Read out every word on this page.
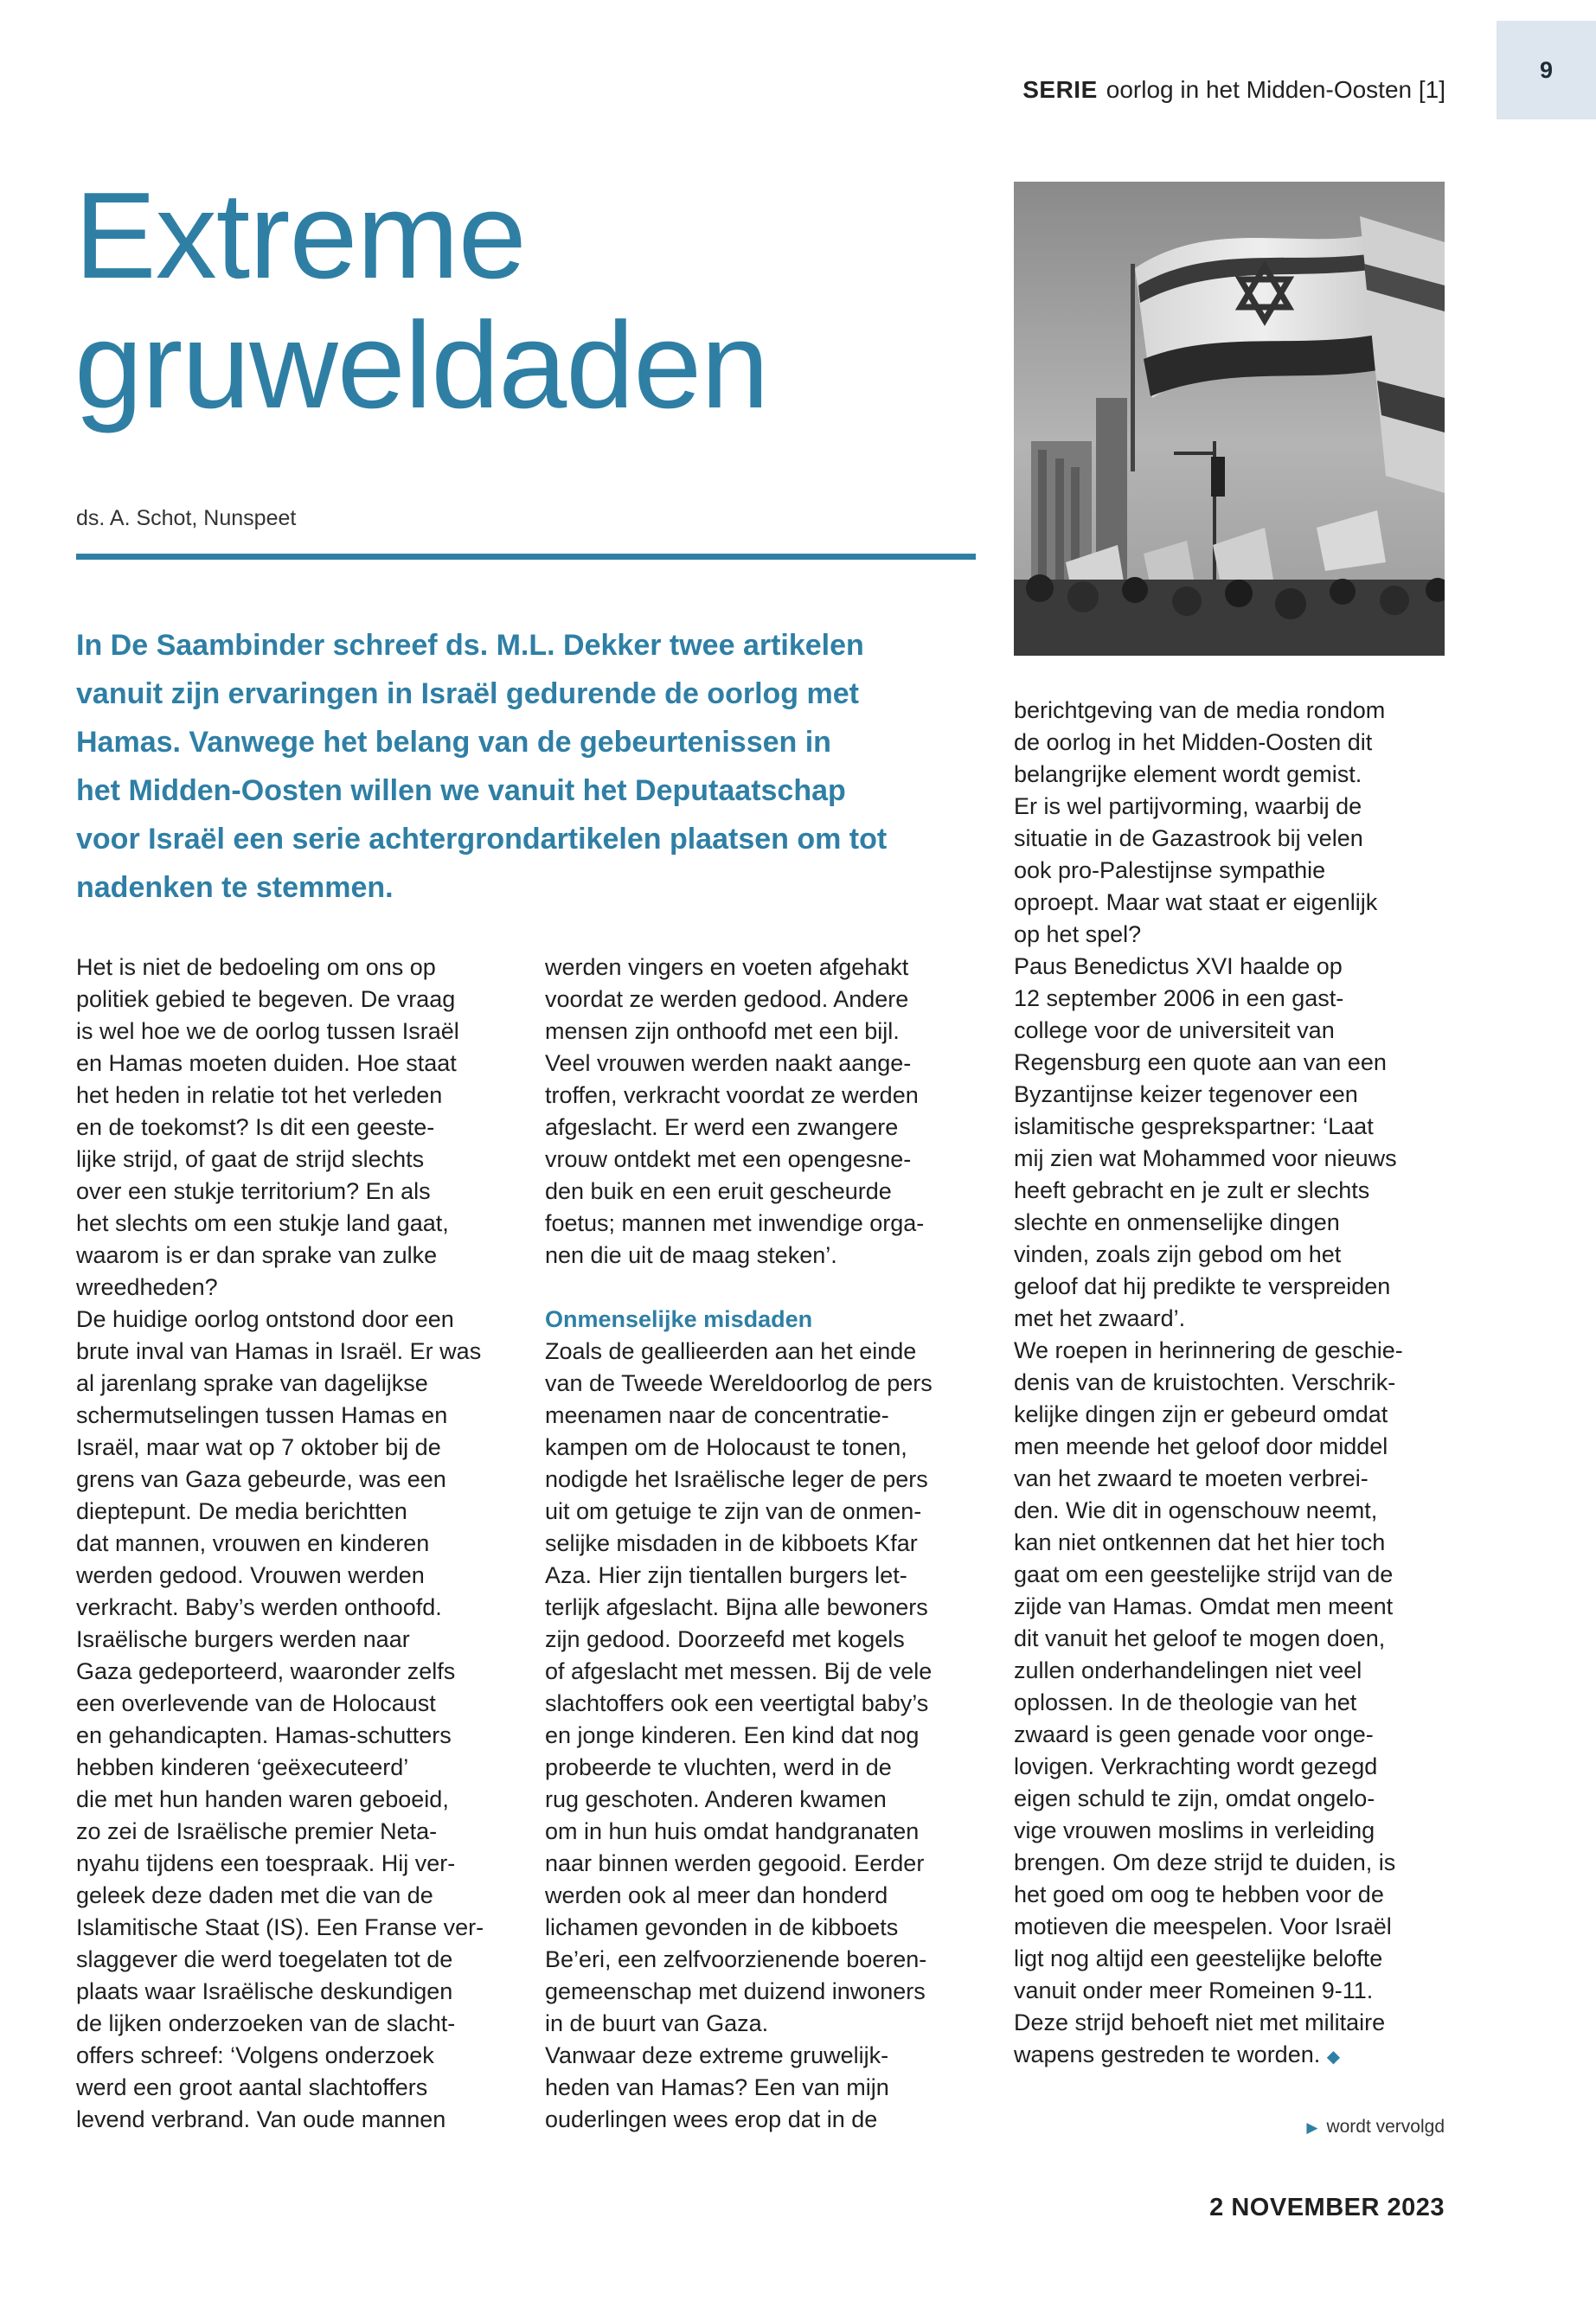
9
SERIE oorlog in het Midden-Oosten [1]
Extreme
gruweldaden
ds. A. Schot, Nunspeet

In De Saambinder schreef ds. M.L. Dekker twee artikelen
vanuit zijn ervaringen in Israël gedurende de oorlog met
Hamas. Vanwege het belang van de gebeurtenissen in
het Midden-Oosten willen we vanuit het Deputaatschap
voor Israël een serie achtergrondartikelen plaatsen om tot
nadenken te stemmen.

Het is niet de bedoeling om ons op
politiek gebied te begeven. De vraag
is wel hoe we de oorlog tussen Israël
en Hamas moeten duiden. Hoe staat
het heden in relatie tot het verleden
en de toekomst? Is dit een geeste-
lijke strijd, of gaat de strijd slechts
over een stukje territorium? En als
het slechts om een stukje land gaat,
waarom is er dan sprake van zulke
wreedheden?
De huidige oorlog ontstond door een
brute inval van Hamas in Israël. Er was
al jarenlang sprake van dagelijkse
schermutselingen tussen Hamas en
Israël, maar wat op 7 oktober bij de
grens van Gaza gebeurde, was een
dieptepunt. De media berichtten
dat mannen, vrouwen en kinderen
werden gedood. Vrouwen werden
verkracht. Baby’s werden onthoofd.
Israëlische burgers werden naar
Gaza gedeporteerd, waaronder zelfs
een overlevende van de Holocaust
en gehandicapten. Hamas-schutters
hebben kinderen ‘geëxecuteerd’
die met hun handen waren geboeid,
zo zei de Israëlische premier Neta-
nyahu tijdens een toespraak. Hij ver-
geleek deze daden met die van de
Islamitische Staat (IS). Een Franse ver-
slaggever die werd toegelaten tot de
plaats waar Israëlische deskundigen
de lijken onderzoeken van de slacht-
offers schreef: ‘Volgens onderzoek
werd een groot aantal slachtoffers
levend verbrand. Van oude mannen

werden vingers en voeten afgehakt
voordat ze werden gedood. Andere
mensen zijn onthoofd met een bijl.
Veel vrouwen werden naakt aange-
troffen, verkracht voordat ze werden
afgeslacht. Er werd een zwangere
vrouw ontdekt met een opengesne-
den buik en een eruit gescheurde
foetus; mannen met inwendige orga-
nen die uit de maag steken’.

Onmenselijke misdaden

Zoals de geallieerden aan het einde
van de Tweede Wereldoorlog de pers
meenamen naar de concentratie-
kampen om de Holocaust te tonen,
nodigde het Israëlische leger de pers
uit om getuige te zijn van de onmen-
selijke misdaden in de kibboets Kfar
Aza. Hier zijn tientallen burgers let-
terlijk afgeslacht. Bijna alle bewoners
zijn gedood. Doorzeefd met kogels
of afgeslacht met messen. Bij de vele
slachtoffers ook een veertigtal baby’s
en jonge kinderen. Een kind dat nog
probeerde te vluchten, werd in de
rug geschoten. Anderen kwamen
om in hun huis omdat handgranaten
naar binnen werden gegooid. Eerder
werden ook al meer dan honderd
lichamen gevonden in de kibboets
Be’eri, een zelfvoorzienende boeren-
gemeenschap met duizend inwoners
in de buurt van Gaza.
Vanwaar deze extreme gruwelijk-
heden van Hamas? Een van mijn
ouderlingen wees erop dat in de

berichtgeving van de media rondom
de oorlog in het Midden-Oosten dit
belangrijke element wordt gemist.
Er is wel partijvorming, waarbij de
situatie in de Gazastrook bij velen
ook pro-Palestijnse sympathie
oproept. Maar wat staat er eigenlijk
op het spel?
Paus Benedictus XVI haalde op
12 september 2006 in een gast-
college voor de universiteit van
Regensburg een quote aan van een
Byzantijnse keizer tegenover een
islamitische gesprekspartner: ‘Laat
mij zien wat Mohammed voor nieuws
heeft gebracht en je zult er slechts
slechte en onmenselijke dingen
vinden, zoals zijn gebod om het
geloof dat hij predikte te verspreiden
met het zwaard’.
We roepen in herinnering de geschie-
denis van de kruistochten. Verschrik-
kelijke dingen zijn er gebeurd omdat
men meende het geloof door middel
van het zwaard te moeten verbrei-
den. Wie dit in ogenschouw neemt,
kan niet ontkennen dat het hier toch
gaat om een geestelijke strijd van de
zijde van Hamas. Omdat men meent
dit vanuit het geloof te mogen doen,
zullen onderhandelingen niet veel
oplossen. In de theologie van het
zwaard is geen genade voor onge-
lovigen. Verkrachting wordt gezegd
eigen schuld te zijn, omdat ongelo-
vige vrouwen moslims in verleiding
brengen. Om deze strijd te duiden, is
het goed om oog te hebben voor de
motieven die meespelen. Voor Israël
ligt nog altijd een geestelijke belofte
vanuit onder meer Romeinen 9-11.
Deze strijd behoeft niet met militaire
wapens gestreden te worden. ◆

▶ wordt vervolgd
2 NOVEMBER 2023
